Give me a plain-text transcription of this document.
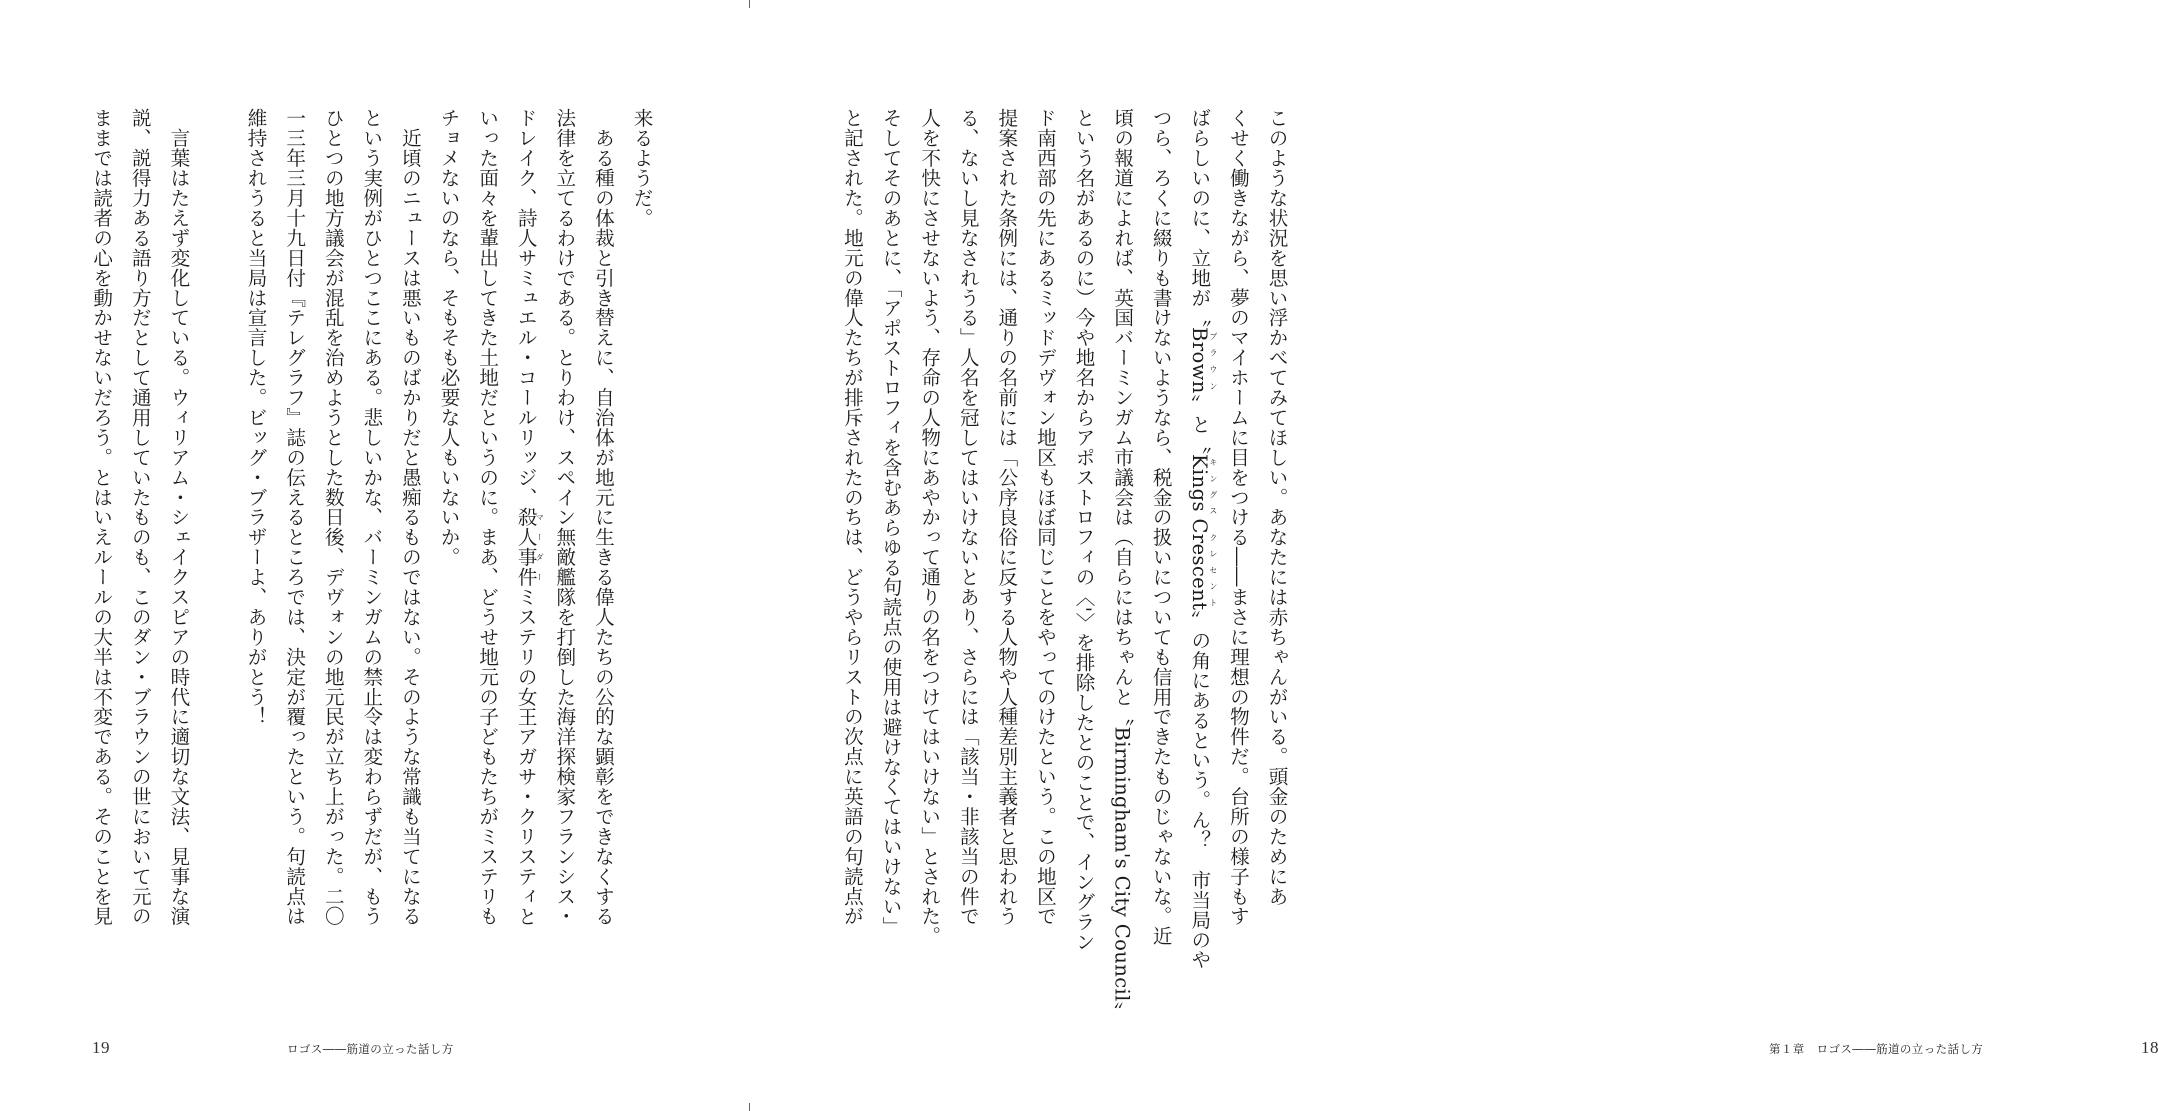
来るようだ。

　ある種の体裁と引き替えに、自治体が地元に生きる偉人たちの公的な顕彰をできなくする

法律を立てるわけである。とりわけ、スペイン無敵艦隊を打倒した海洋探検家フランシス・

ドレイク、詩人サミュエル・コールリッジ、殺人事件マーダーミステリの女王アガサ・クリスティと

いった面々を輩出してきた土地だというのに。まあ、どうせ地元の子どもたちがミステリも

チョメないのなら、そもそも必要な人もいないか。

　近頃のニュースは悪いものばかりだと愚痴るものではない。そのような常識も当てになる

という実例がひとつここにある。悲しいかな、バーミンガムの禁止令は変わらずだが、もう

ひとつの地方議会が混乱を治めようとした数日後、デヴォンの地元民が立ち上がった。二〇

一三年三月十九日付『テレグラフ』誌の伝えるところでは、決定が覆ったという。句読点は

維持されうると当局は宣言した。ビッグ・ブラザーよ、ありがとう！

　言葉はたえず変化している。ウィリアム・シェイクスピアの時代に適切な文法、見事な演

説、説得力ある語り方だとして通用していたものも、このダン・ブラウンの世において元の

ままでは読者の心を動かせないだろう。とはいえルールの大半は不変である。そのことを見

19	ロゴス――筋道の立った話し方

このような状況を思い浮かべてみてほしい。あなたには赤ちゃんがいる。頭金のためにあ

くせく働きながら、夢のマイホームに目をつける――まさに理想の物件だ。台所の様子もす

ばらしいのに、立地が〝Brownブラウン〟と〝Kings Crescentキングス クレセント〟の角にあるという。ん？　市当局のや

つら、ろくに綴りも書けないようなら、税金の扱いについても信用できたものじゃないな。近

頃の報道によれば、英国バーミンガム市議会は（自らにはちゃんと〝Birmingham's City Council〟

という名があるのに）今や地名からアポストロフィの〈'〉を排除したとのことで、イングラン

ド南西部の先にあるミッドデヴォン地区もほぼ同じことをやってのけたという。この地区で

提案された条例には、通りの名前には「公序良俗に反する人物や人種差別主義者と思われう

る、ないし見なされうる」人名を冠してはいけないとあり、さらには「該当・非該当の件で

人を不快にさせないよう、存命の人物にあやかって通りの名をつけてはいけない」とされた。

そしてそのあとに、「アポストロフィを含むあらゆる句読点の使用は避けなくてはいけない」

と記された。地元の偉人たちが排斥されたのちは、どうやらリストの次点に英語の句読点が

第１章　ロゴス――筋道の立った話し方	18
